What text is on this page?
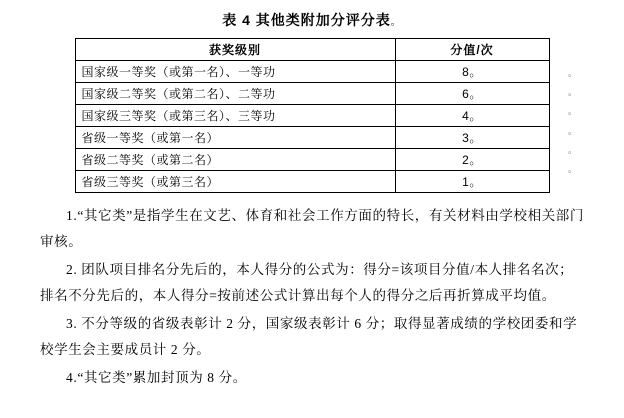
表 4 其他类附加分评分表。
获奖级别	分值/次
国家级一等奖（或第一名）、一等功	8。
国家级二等奖（或第二名）、二等功	6。
国家级三等奖（或第三名）、三等功	4。
省级一等奖（或第一名）	3。
省级二等奖（或第二名）	2。
省级三等奖（或第三名）	1。
。
。
。
。
。
。

1.“其它类”是指学生在文艺、体育和社会工作方面的特长，有关材料由学校相关部门审核。

2. 团队项目排名分先后的，本人得分的公式为：得分=该项目分值/本人排名名次；排名不分先后的，本人得分=按前述公式计算出每个人的得分之后再折算成平均值。

3. 不分等级的省级表彰计 2 分，国家级表彰计 6 分；取得显著成绩的学校团委和学校学生会主要成员计 2 分。

4.“其它类”累加封顶为 8 分。
